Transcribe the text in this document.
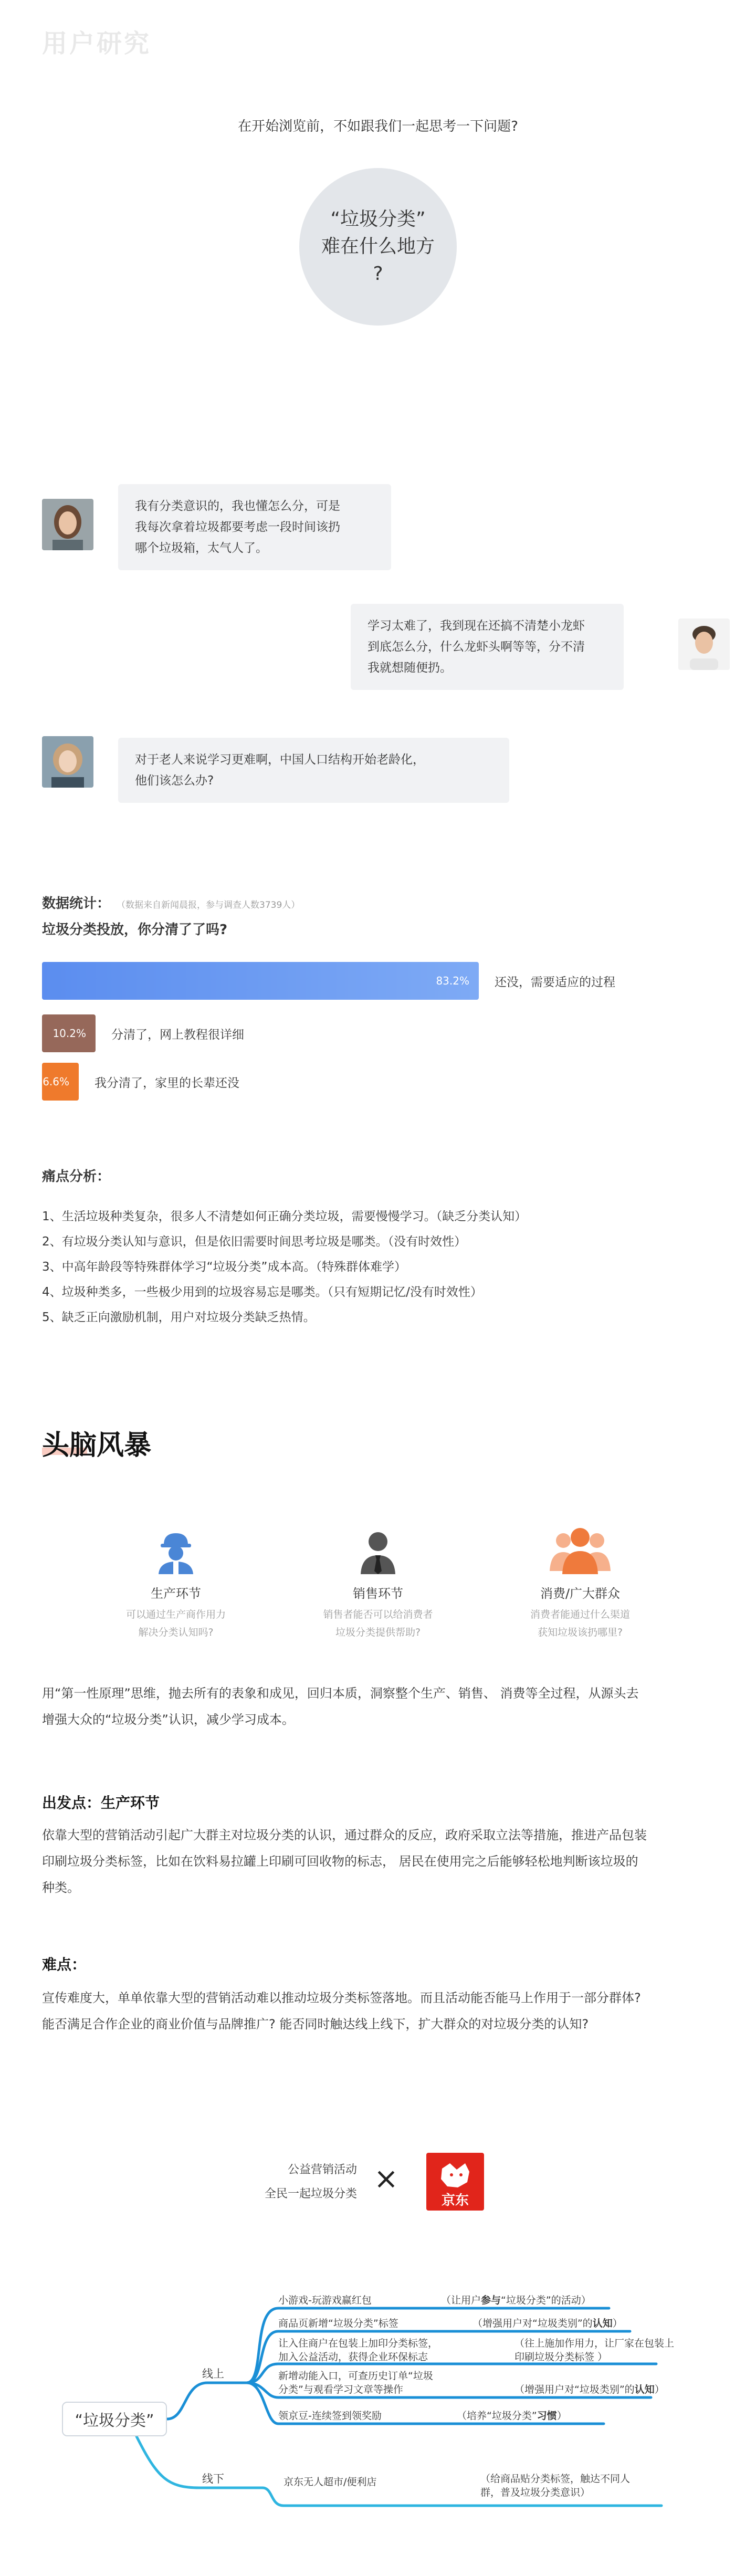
用户研究
在开始浏览前，不如跟我们一起思考一下问题?
“垃圾分类”
难在什么地方
?
我有分类意识的，我也懂怎么分，可是
我每次拿着垃圾都要考虑一段时间该扔
哪个垃圾箱，太气人了。
学习太难了，我到现在还搞不清楚小龙虾
到底怎么分，什么龙虾头啊等等，分不清
我就想随便扔。
对于老人来说学习更难啊，中国人口结构开始老龄化，
他们该怎么办?
数据统计： （数据来自新闻晨报，参与调查人数3739人）
垃圾分类投放，你分清了了吗?
83.2% 还没，需要适应的过程
10.2% 分清了，网上教程很详细
6.6% 我分清了，家里的长辈还没
痛点分析：
1、生活垃圾种类复杂，很多人不清楚如何正确分类垃圾，需要慢慢学习。（缺乏分类认知）
2、有垃圾分类认知与意识，但是依旧需要时间思考垃圾是哪类。（没有时效性）
3、中高年龄段等特殊群体学习“垃圾分类”成本高。（特殊群体难学）
4、垃圾种类多，一些极少用到的垃圾容易忘是哪类。（只有短期记忆/没有时效性）
5、缺乏正向激励机制，用户对垃圾分类缺乏热情。
头脑风暴
生产环节
可以通过生产商作用力
解决分类认知吗?
销售环节
销售者能否可以给消费者
垃圾分类提供帮助?
消费/广大群众
消费者能通过什么渠道
获知垃圾该扔哪里?
用“第一性原理”思维，抛去所有的表象和成见，回归本质，洞察整个生产、销售、 消费等全过程，从源头去
增强大众的“垃圾分类”认识，减少学习成本。
出发点：生产环节
依靠大型的营销活动引起广大群主对垃圾分类的认识，通过群众的反应，政府采取立法等措施，推进产品包装
印刷垃圾分类标签，比如在饮料易拉罐上印刷可回收物的标志， 居民在使用完之后能够轻松地判断该垃圾的
种类。
难点：
宣传难度大，单单依靠大型的营销活动难以推动垃圾分类标签落地。而且活动能否能马上作用于一部分群体?
能否满足合作企业的商业价值与品牌推广? 能否同时触达线上线下，扩大群众的对垃圾分类的认知?
公益营销活动
全民一起垃圾分类 ×
京东
“垃圾分类”
线上
线下
小游戏-玩游戏赢红包	（让用户参与“垃圾分类”的活动）
商品页新增“垃圾分类”标签	（增强用户对“垃圾类别”的认知）
让入住商户在包装上加印分类标签，
加入公益活动，获得企业环保标志
（往上施加作用力，让厂家在包装上
印刷垃圾分类标签 ）
新增动能入口，可查历史订单“垃圾
分类”与观看学习文章等操作	（增强用户对“垃圾类别”的认知）
领京豆-连续签到领奖励	（培养“垃圾分类”习惯）
京东无人超市/便利店	（给商品贴分类标签，触达不同人
群，普及垃圾分类意识）
